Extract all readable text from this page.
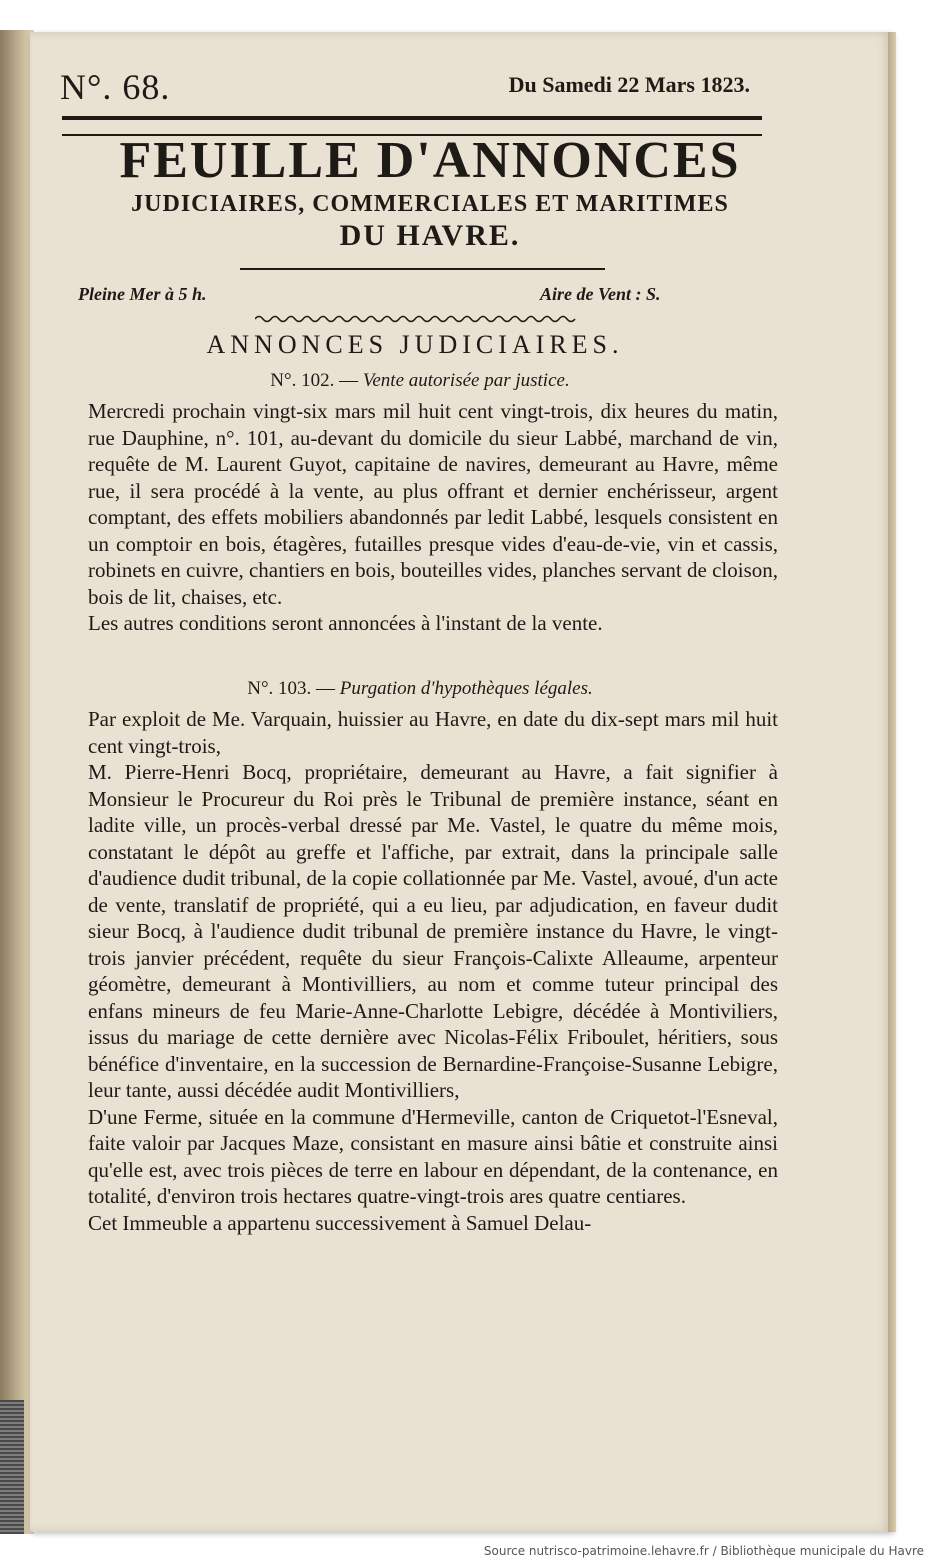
N°. 68.	Du Samedi 22 Mars 1823.
FEUILLE D'ANNONCES
JUDICIAIRES, COMMERCIALES ET MARITIMES
DU HAVRE.
Pleine Mer à 5 h.	Aire de Vent : S.
ANNONCES JUDICIAIRES.
N°. 102. — Vente autorisée par justice.

Mercredi prochain vingt-six mars mil huit cent vingt-trois, dix heures du matin, rue Dauphine, n°. 101, au-devant du domicile du sieur Labbé, marchand de vin, requête de M. Laurent Guyot, capitaine de navires, demeurant au Havre, même rue, il sera procédé à la vente, au plus offrant et dernier enchérisseur, argent comptant, des effets mobiliers abandonnés par ledit Labbé, lesquels consistent en un comptoir en bois, étagères, futailles presque vides d'eau-de-vie, vin et cassis, robinets en cuivre, chantiers en bois, bouteilles vides, planches servant de cloison, bois de lit, chaises, etc.

Les autres conditions seront annoncées à l'instant de la vente.

N°. 103. — Purgation d'hypothèques légales.

Par exploit de Me. Varquain, huissier au Havre, en date du dix-sept mars mil huit cent vingt-trois,

M. Pierre-Henri Bocq, propriétaire, demeurant au Havre, a fait signifier à Monsieur le Procureur du Roi près le Tribunal de première instance, séant en ladite ville, un procès-verbal dressé par Me. Vastel, le quatre du même mois, constatant le dépôt au greffe et l'affiche, par extrait, dans la principale salle d'audience dudit tribunal, de la copie collationnée par Me. Vastel, avoué, d'un acte de vente, translatif de propriété, qui a eu lieu, par adjudication, en faveur dudit sieur Bocq, à l'audience dudit tribunal de première instance du Havre, le vingt-trois janvier précédent, requête du sieur François-Calixte Alleaume, arpenteur géomètre, demeurant à Montivilliers, au nom et comme tuteur principal des enfans mineurs de feu Marie-Anne-Charlotte Lebigre, décédée à Montiviliers, issus du mariage de cette dernière avec Nicolas-Félix Friboulet, héritiers, sous bénéfice d'inventaire, en la succession de Bernardine-Françoise-Susanne Lebigre, leur tante, aussi décédée audit Montivilliers,

D'une Ferme, située en la commune d'Hermeville, canton de Criquetot-l'Esneval, faite valoir par Jacques Maze, consistant en masure ainsi bâtie et construite ainsi qu'elle est, avec trois pièces de terre en labour en dépendant, de la contenance, en totalité, d'environ trois hectares quatre-vingt-trois ares quatre centiares.

Cet Immeuble a appartenu successivement à Samuel Delau-

Source nutrisco-patrimoine.lehavre.fr / Bibliothèque municipale du Havre
